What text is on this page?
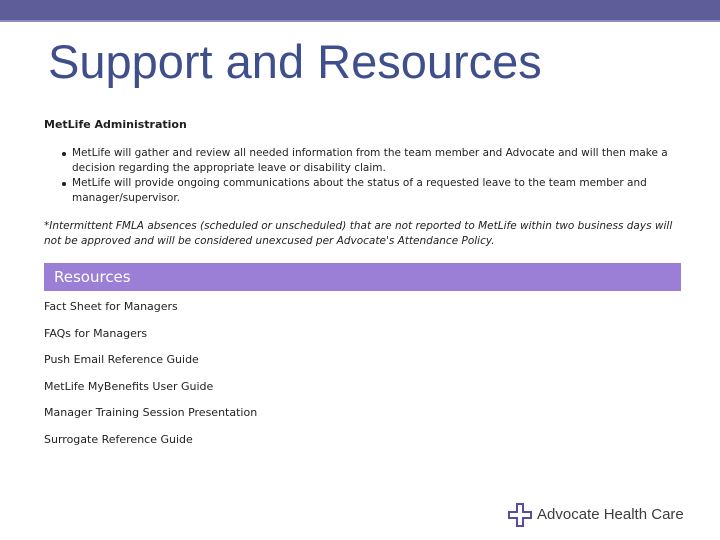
Support and Resources
MetLife Administration
MetLife will gather and review all needed information from the team member and Advocate and will then make a decision regarding the appropriate leave or disability claim.
MetLife will provide ongoing communications about the status of a requested leave to the team member and manager/supervisor.
*Intermittent FMLA absences (scheduled or unscheduled) that are not reported to MetLife within two business days will not be approved and will be considered unexcused per Advocate's Attendance Policy.
Resources
Fact Sheet for Managers
FAQs for Managers
Push Email Reference Guide
MetLife MyBenefits User Guide
Manager Training Session Presentation
Surrogate Reference Guide
Advocate Health Care
